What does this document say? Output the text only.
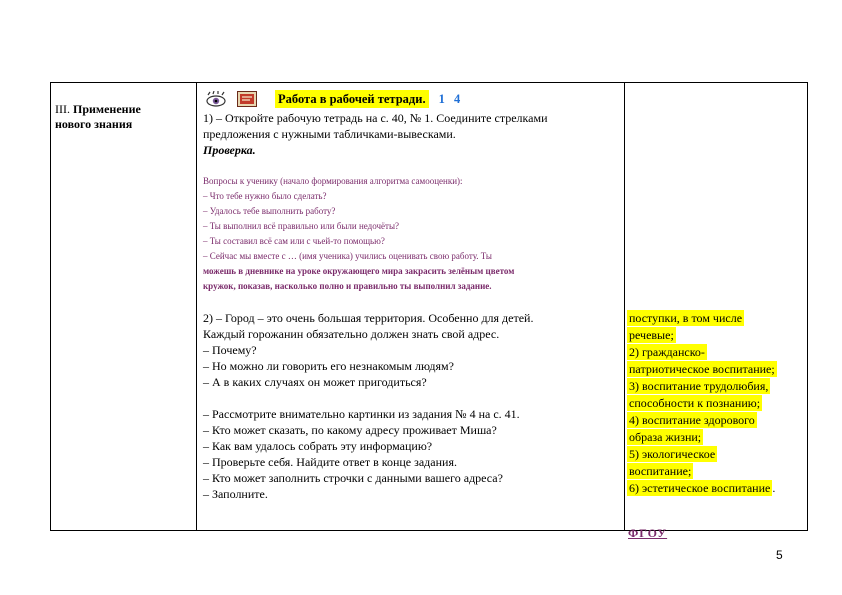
III. Применение
нового знания
Работа в рабочей тетради. 1 4

1) – Откройте рабочую тетрадь на с. 40, № 1. Соедините стрелками

предложения с нужными табличками-вывесками.

Проверка.

Вопросы к ученику (начало формирования алгоритма самооценки):

– Что тебе нужно было сделать?

– Удалось тебе выполнить работу?

– Ты выполнил всё правильно или были недочёты?

– Ты составил всё сам или с чьей-то помощью?

– Сейчас мы вместе с … (имя ученика) учились оценивать свою работу. Ты

можешь в дневнике на уроке окружающего мира закрасить зелёным цветом

кружок, показав, насколько полно и правильно ты выполнил задание.

2) – Город – это очень большая территория. Особенно для детей.

Каждый горожанин обязательно должен знать свой адрес.

– Почему?

– Но можно ли говорить его незнакомым людям?

– А в каких случаях он может пригодиться?

– Рассмотрите внимательно картинки из задания № 4 на с. 41.

– Кто может сказать, по какому адресу проживает Миша?

– Как вам удалось собрать эту информацию?

– Проверьте себя. Найдите ответ в конце задания.

– Кто может заполнить строчки с данными вашего адреса?

– Заполните.

поступки, в том числе

речевые;

2) гражданско-

патриотическое воспитание;

3) воспитание трудолюбия,

способности к познанию;

4) воспитание здорового

образа жизни;

5) экологическое

воспитание;

6) эстетическое воспитание .

ФГОУ
5
